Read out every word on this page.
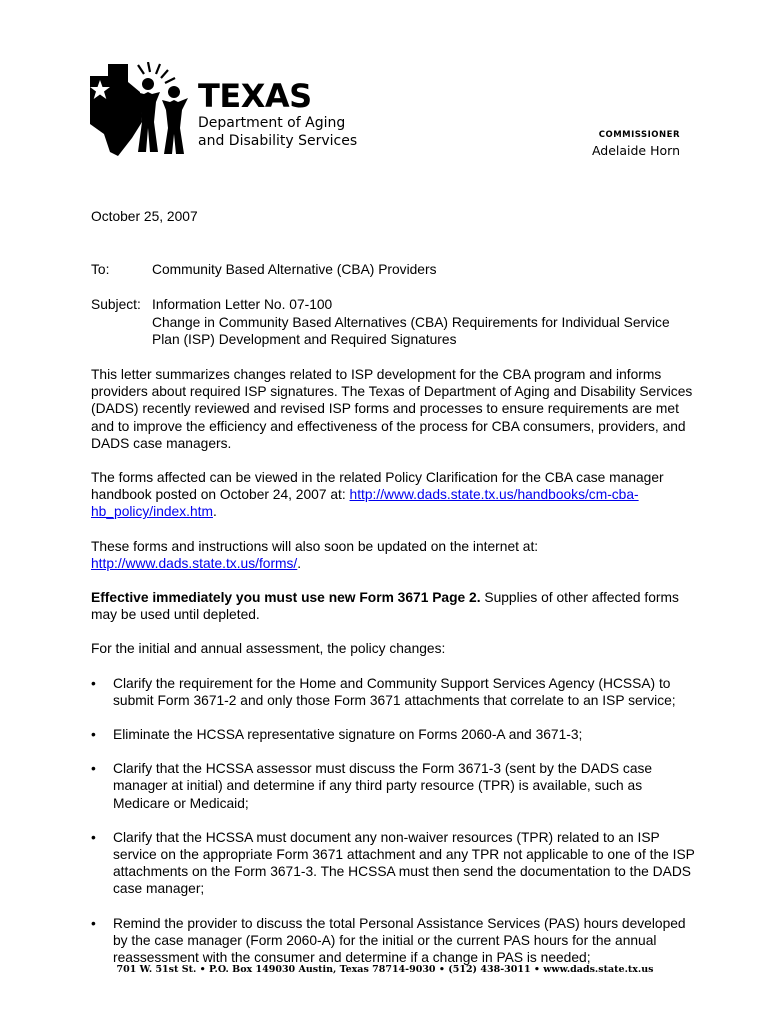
TEXAS
Department of Aging
and Disability Services	COMMISSIONER
Adelaide Horn
October 25, 2007
To:	Community Based Alternative (CBA) Providers
Subject: Information Letter No. 07-100
Change in Community Based Alternatives (CBA) Requirements for Individual Service Plan (ISP) Development and Required Signatures

This letter summarizes changes related to ISP development for the CBA program and informs providers about required ISP signatures. The Texas of Department of Aging and Disability Services (DADS) recently reviewed and revised ISP forms and processes to ensure requirements are met and to improve the efficiency and effectiveness of the process for CBA consumers, providers, and DADS case managers.

The forms affected can be viewed in the related Policy Clarification for the CBA case manager handbook posted on October 24, 2007 at: http://www.dads.state.tx.us/handbooks/cm-cba-hb_policy/index.htm.

These forms and instructions will also soon be updated on the internet at: http://www.dads.state.tx.us/forms/.

Effective immediately you must use new Form 3671 Page 2. Supplies of other affected forms may be used until depleted.

For the initial and annual assessment, the policy changes:

• Clarify the requirement for the Home and Community Support Services Agency (HCSSA) to submit Form 3671-2 and only those Form 3671 attachments that correlate to an ISP service;
• Eliminate the HCSSA representative signature on Forms 2060-A and 3671-3;
• Clarify that the HCSSA assessor must discuss the Form 3671-3 (sent by the DADS case manager at initial) and determine if any third party resource (TPR) is available, such as Medicare or Medicaid;
• Clarify that the HCSSA must document any non-waiver resources (TPR) related to an ISP service on the appropriate Form 3671 attachment and any TPR not applicable to one of the ISP attachments on the Form 3671-3. The HCSSA must then send the documentation to the DADS case manager;
• Remind the provider to discuss the total Personal Assistance Services (PAS) hours developed by the case manager (Form 2060-A) for the initial or the current PAS hours for the annual reassessment with the consumer and determine if a change in PAS is needed;
701 W. 51st St. • P.O. Box 149030 Austin, Texas 78714-9030 • (512) 438-3011 • www.dads.state.tx.us
